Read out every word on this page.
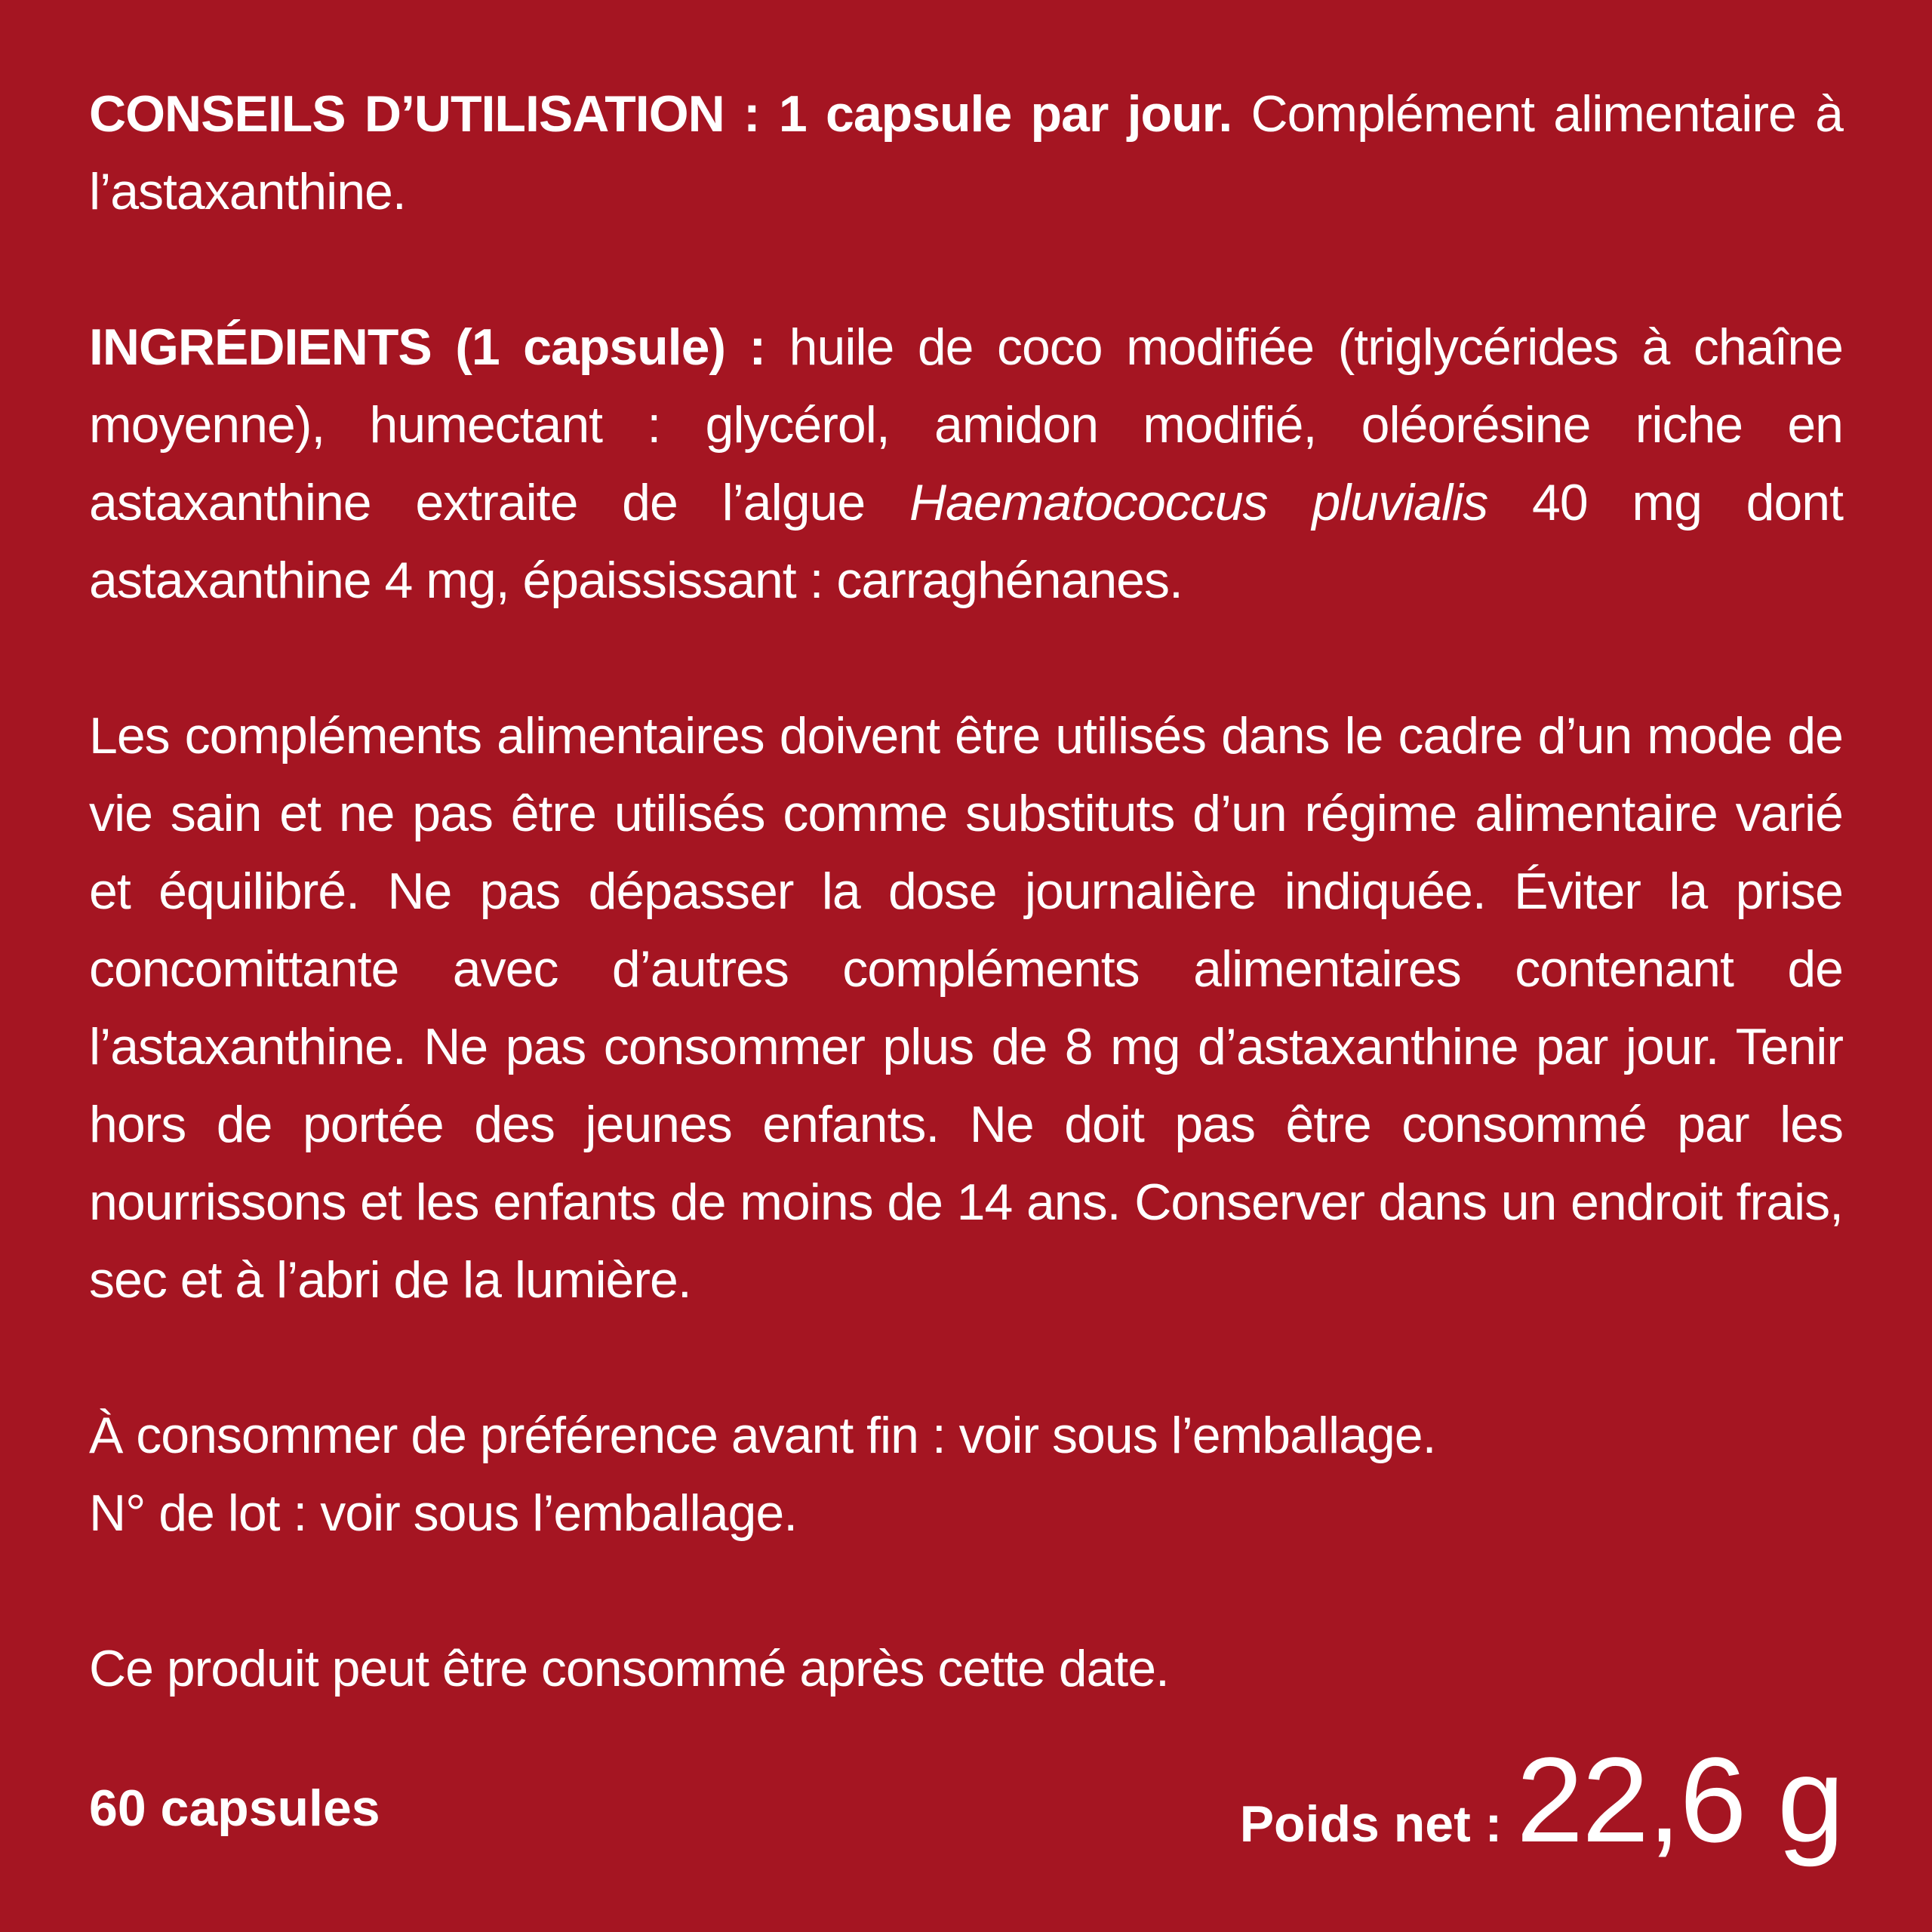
CONSEILS D’UTILISATION : 1 capsule par jour. Complément alimentaire à l’astaxanthine.

INGRÉDIENTS (1 capsule) : huile de coco modifiée (triglycérides à chaîne moyenne), humectant : glycérol, amidon modifié, oléorésine riche en astaxanthine extraite de l’algue Haematococcus pluvialis 40 mg dont astaxanthine 4 mg, épaississant : carraghénanes.

Les compléments alimentaires doivent être utilisés dans le cadre d’un mode de vie sain et ne pas être utilisés comme substituts d’un régime alimentaire varié et équilibré. Ne pas dépasser la dose journalière indiquée. Éviter la prise concomittante avec d’autres compléments alimentaires contenant de l’astaxanthine. Ne pas consommer plus de 8 mg d’astaxanthine par jour. Tenir hors de portée des jeunes enfants. Ne doit pas être consommé par les nourrissons et les enfants de moins de 14 ans. Conserver dans un endroit frais, sec et à l’abri de la lumière.

À consommer de préférence avant fin : voir sous l’emballage.
N° de lot : voir sous l’emballage.

Ce produit peut être consommé après cette date.

60 capsules	Poids net : 22,6 g
